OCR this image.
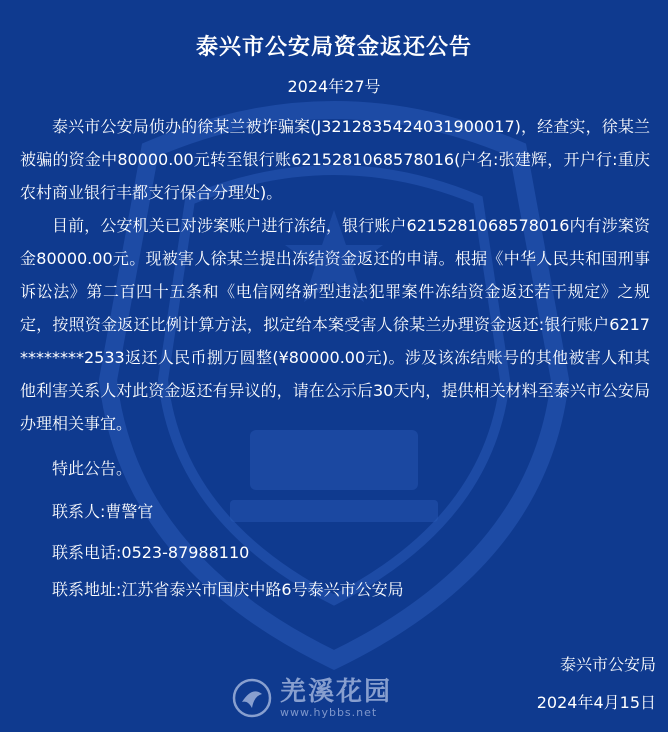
泰兴市公安局资金返还公告
2024年27号

泰兴市公安局侦办的徐某兰被诈骗案(J3212835424031900017)，经查实，徐某兰被骗的资金中80000.00元转至银行账6215281068578016(户名:张建辉，开户行:重庆农村商业银行丰都支行保合分理处)。

目前，公安机关已对涉案账户进行冻结，银行账户6215281068578016内有涉案资金80000.00元。现被害人徐某兰提出冻结资金返还的申请。根据《中华人民共和国刑事诉讼法》第二百四十五条和《电信网络新型违法犯罪案件冻结资金返还若干规定》之规定，按照资金返还比例计算方法，拟定给本案受害人徐某兰办理资金返还:银行账户6217********2533返还人民币捌万圆整(¥80000.00元)。涉及该冻结账号的其他被害人和其他利害关系人对此资金返还有异议的，请在公示后30天内，提供相关材料至泰兴市公安局办理相关事宜。

特此公告。
联系人:曹警官
联系电话:0523-87988110
联系地址:江苏省泰兴市国庆中路6号泰兴市公安局
泰兴市公安局
2024年4月15日
羌溪花园
www.hybbs.net
